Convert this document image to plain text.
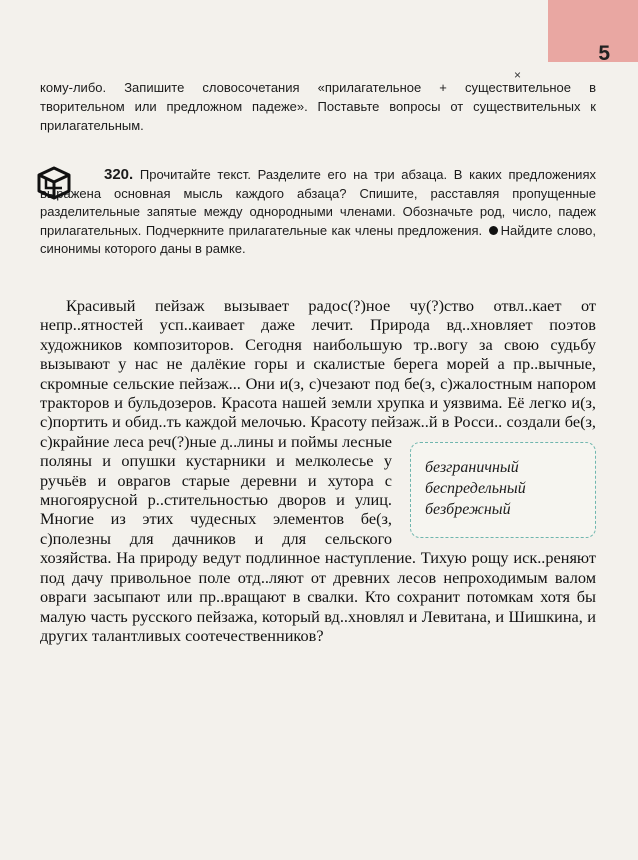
5
×
кому-либо. Запишите словосочетания «прилагательное + существительное в творительном или предложном падеже». Поставьте вопросы от существительных к прилагательным.
320. Прочитайте текст. Разделите его на три абзаца. В каких предложениях выражена основная мысль каждого абзаца? Спишите, расставляя пропущенные разделительные запятые между однородными членами. Обозначьте род, число, падеж прилагательных. Подчеркните прилагательные как члены предложения. Найдите слово, синонимы которого даны в рамке.
Красивый пейзаж вызывает радос(?)ное чу(?)ство отвл..кает от непр..ятностей усп..каивает даже лечит. Природа вд..хновляет поэтов художников композиторов. Сегодня наибольшую тр..вогу за свою судьбу вызывают у нас не далёкие горы и скалистые берега морей а пр..вычные, скромные сельские пейзаж... Они и(з, с)чезают под бе(з, с)жалостным напором тракторов и бульдозеров. Красота нашей земли хрупка и уязвима. Её легко и(з, с)портить и обид..ть каждой мелочью. Красоту пейзаж..й в Росси.. создали бе(з, с)
безграничный
беспредельный
безбрежный
крайние леса реч(?)ные д..лины и поймы лесные поляны и опушки кустарники и мелколесье у ручьёв и оврагов старые деревни и хутора с многоярусной р..стительностью дворов и улиц. Многие из этих чудесных элементов бе(з, с)полезны для дачников и для сельского хозяйства. На природу ведут подлинное наступление. Тихую рощу иск..реняют под дачу привольное поле отд..ляют от древних лесов непроходимым валом овраги засыпают или пр..вращают в свалки. Кто сохранит потомкам хотя бы малую часть русского пейзажа, который вд..хновлял и Левитана, и Шишкина, и других талантливых соотечественников?
